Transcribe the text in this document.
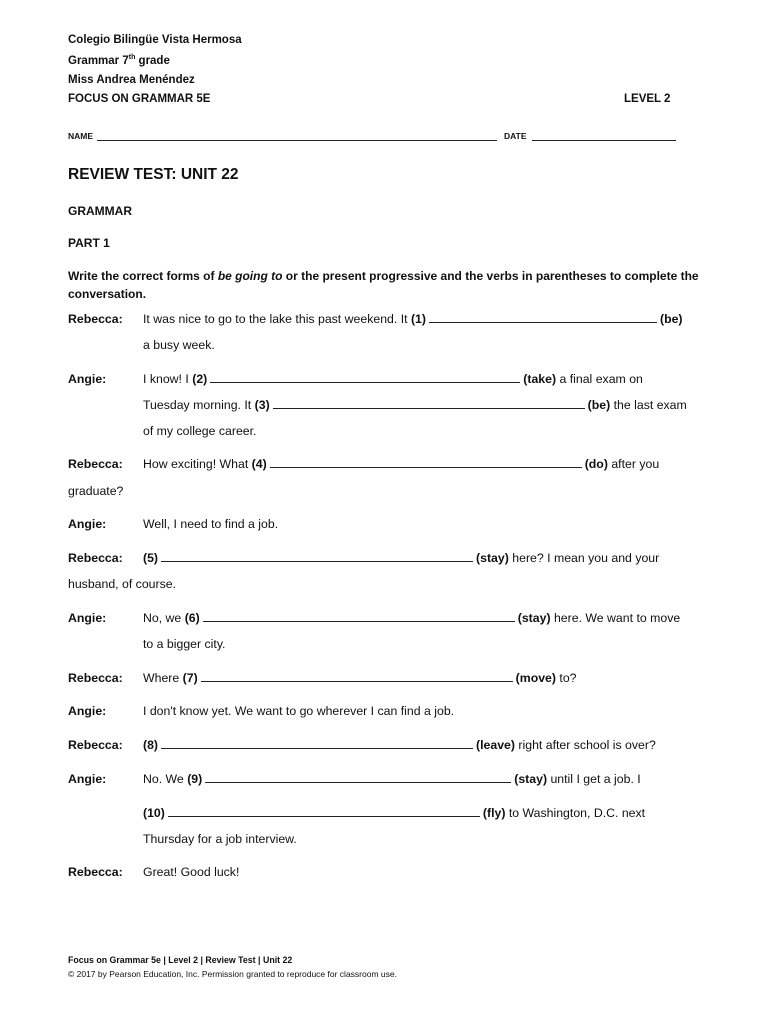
Colegio Bilingüe Vista Hermosa
Grammar 7th grade
Miss Andrea Menéndez
FOCUS ON GRAMMAR 5E	LEVEL 2
NAME	DATE
REVIEW TEST: UNIT 22
GRAMMAR
PART 1
Write the correct forms of be going to or the present progressive and the verbs in parentheses to complete the conversation.
Rebecca: It was nice to go to the lake this past weekend. It (1)	(be)
a busy week.
Angie:	I know! I (2)	(take) a final exam on
Tuesday morning. It (3)	(be) the last exam
of my college career.
Rebecca: How exciting! What (4)	(do) after you
graduate?
Angie:	Well, I need to find a job.
Rebecca: (5)	(stay) here? I mean you and your
husband, of course.
Angie:	No, we (6)	(stay) here. We want to move
to a bigger city.
Rebecca: Where (7)	(move) to?
Angie:	I don't know yet. We want to go wherever I can find a job.
Rebecca: (8)	(leave) right after school is over?
Angie:	No. We (9)	(stay) until I get a job. I
(10)	(fly) to Washington, D.C. next
Thursday for a job interview.
Rebecca: Great! Good luck!
Focus on Grammar 5e | Level 2 | Review Test | Unit 22
© 2017 by Pearson Education, Inc. Permission granted to reproduce for classroom use.
